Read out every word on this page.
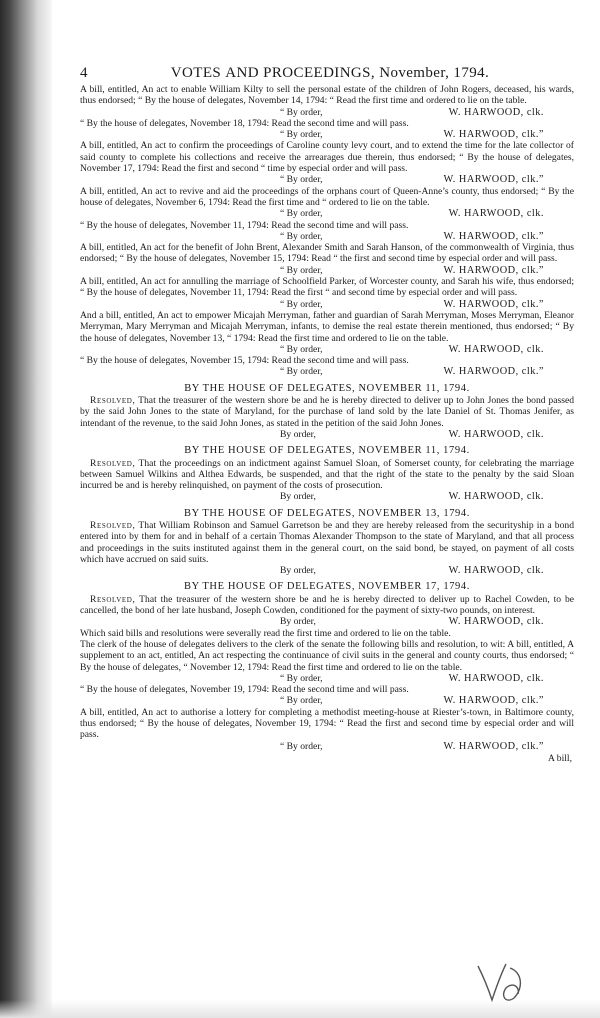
4	VOTES AND PROCEEDINGS, November, 1794.

A bill, entitled, An act to enable William Kilty to sell the personal estate of the children of John Rogers, deceased, his wards, thus endorsed; “ By the house of delegates, November 14, 1794: “ Read the first time and ordered to lie on the table.

“ By order,	W. HARWOOD, clk.

“ By the house of delegates, November 18, 1794: Read the second time and will pass.

“ By order,	W. HARWOOD, clk.”

A bill, entitled, An act to confirm the proceedings of Caroline county levy court, and to extend the time for the late collector of said county to complete his collections and receive the arrearages due therein, thus endorsed; “ By the house of delegates, November 17, 1794: Read the first and second “ time by especial order and will pass.

“ By order,	W. HARWOOD, clk.”

A bill, entitled, An act to revive and aid the proceedings of the orphans court of Queen-Anne’s county, thus endorsed; “ By the house of delegates, November 6, 1794: Read the first time and “ ordered to lie on the table.

“ By order,	W. HARWOOD, clk.

“ By the house of delegates, November 11, 1794: Read the second time and will pass.

“ By order,	W. HARWOOD, clk.”

A bill, entitled, An act for the benefit of John Brent, Alexander Smith and Sarah Hanson, of the commonwealth of Virginia, thus endorsed; “ By the house of delegates, November 15, 1794: Read “ the first and second time by especial order and will pass.

“ By order,	W. HARWOOD, clk.”

A bill, entitled, An act for annulling the marriage of Schoolfield Parker, of Worcester county, and Sarah his wife, thus endorsed; “ By the house of delegates, November 11, 1794: Read the first “ and second time by especial order and will pass.

“ By order,	W. HARWOOD, clk.”

And a bill, entitled, An act to empower Micajah Merryman, father and guardian of Sarah Merryman, Moses Merryman, Eleanor Merryman, Mary Merryman and Micajah Merryman, infants, to demise the real estate therein mentioned, thus endorsed; “ By the house of delegates, November 13, “ 1794: Read the first time and ordered to lie on the table.

“ By order,	W. HARWOOD, clk.

“ By the house of delegates, November 15, 1794: Read the second time and will pass.

“ By order,	W. HARWOOD, clk.”
BY THE HOUSE OF DELEGATES, NOVEMBER 11, 1794.

Resolved, That the treasurer of the western shore be and he is hereby directed to deliver up to John Jones the bond passed by the said John Jones to the state of Maryland, for the purchase of land sold by the late Daniel of St. Thomas Jenifer, as intendant of the revenue, to the said John Jones, as stated in the petition of the said John Jones.

By order,	W. HARWOOD, clk.
BY THE HOUSE OF DELEGATES, NOVEMBER 11, 1794.

Resolved, That the proceedings on an indictment against Samuel Sloan, of Somerset county, for celebrating the marriage between Samuel Wilkins and Althea Edwards, be suspended, and that the right of the state to the penalty by the said Sloan incurred be and is hereby relinquished, on payment of the costs of prosecution.

By order,	W. HARWOOD, clk.
BY THE HOUSE OF DELEGATES, NOVEMBER 13, 1794.

Resolved, That William Robinson and Samuel Garretson be and they are hereby released from the securityship in a bond entered into by them for and in behalf of a certain Thomas Alexander Thompson to the state of Maryland, and that all process and proceedings in the suits instituted against them in the general court, on the said bond, be stayed, on payment of all costs which have accrued on said suits.

By order,	W. HARWOOD, clk.
BY THE HOUSE OF DELEGATES, NOVEMBER 17, 1794.

Resolved, That the treasurer of the western shore be and he is hereby directed to deliver up to Rachel Cowden, to be cancelled, the bond of her late husband, Joseph Cowden, conditioned for the payment of sixty-two pounds, on interest.

By order,	W. HARWOOD, clk.

Which said bills and resolutions were severally read the first time and ordered to lie on the table.

The clerk of the house of delegates delivers to the clerk of the senate the following bills and resolution, to wit: A bill, entitled, A supplement to an act, entitled, An act respecting the continuance of civil suits in the general and county courts, thus endorsed; “ By the house of delegates, “ November 12, 1794: Read the first time and ordered to lie on the table.

“ By order,	W. HARWOOD, clk.

“ By the house of delegates, November 19, 1794: Read the second time and will pass.

“ By order,	W. HARWOOD, clk.”

A bill, entitled, An act to authorise a lottery for completing a methodist meeting-house at Riester’s-town, in Baltimore county, thus endorsed; “ By the house of delegates, November 19, 1794: “ Read the first and second time by especial order and will pass.

“ By order,	W. HARWOOD, clk.”
A bill,
